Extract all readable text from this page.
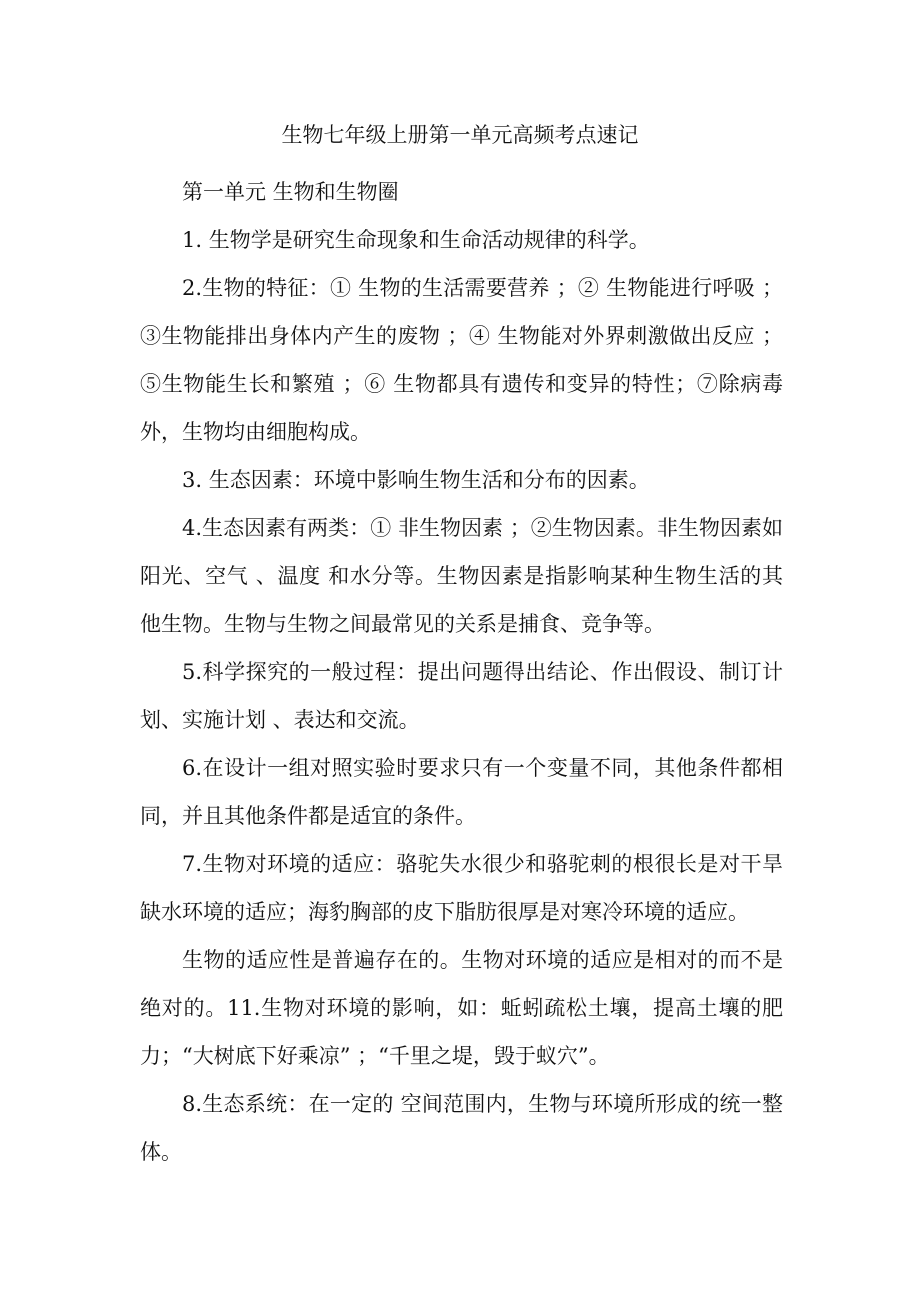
生物七年级上册第一单元高频考点速记

第一单元 生物和生物圈

1. 生物学是研究生命现象和生命活动规律的科学。

2.生物的特征：① 生物的生活需要营养 ；② 生物能进行呼吸 ；③生物能排出身体内产生的废物 ；④ 生物能对外界刺激做出反应 ；⑤生物能生长和繁殖 ；⑥ 生物都具有遗传和变异的特性；⑦除病毒外，生物均由细胞构成。

3. 生态因素：环境中影响生物生活和分布的因素。

4.生态因素有两类：① 非生物因素 ；②生物因素。非生物因素如阳光、空气 、温度 和水分等。生物因素是指影响某种生物生活的其他生物。生物与生物之间最常见的关系是捕食、竞争等。

5.科学探究的一般过程：提出问题得出结论、作出假设、制订计划、实施计划 、表达和交流。

6.在设计一组对照实验时要求只有一个变量不同，其他条件都相同，并且其他条件都是适宜的条件。

7.生物对环境的适应：骆驼失水很少和骆驼刺的根很长是对干旱缺水环境的适应；海豹胸部的皮下脂肪很厚是对寒冷环境的适应。

生物的适应性是普遍存在的。生物对环境的适应是相对的而不是绝对的。11.生物对环境的影响，如：蚯蚓疏松土壤，提高土壤的肥力；“大树底下好乘凉” ；“千里之堤，毁于蚁穴”。

8.生态系统：在一定的 空间范围内，生物与环境所形成的统一整体。
